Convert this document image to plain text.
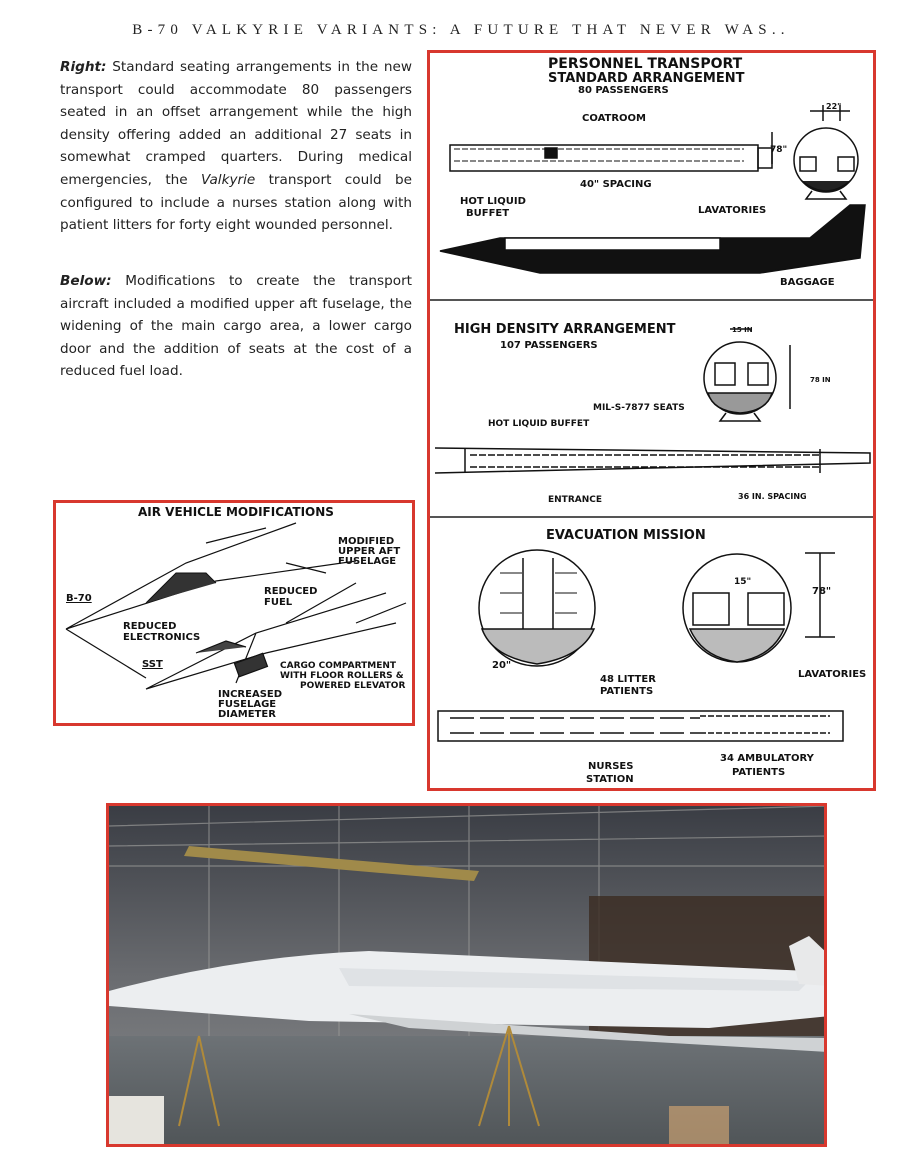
B-70 VALKYRIE VARIANTS: A FUTURE THAT NEVER WAS..

Right: Standard seating arrangements in the new transport could accommodate 80 passengers seated in an offset arrangement while the high density offering added an additional 27 seats in somewhat cramped quarters. During medical emergencies, the Valkyrie transport could be configured to include a nurses station along with patient litters for forty eight wounded personnel.

Below: Modifications to create the transport aircraft included a modified upper aft fuselage, the widening of the main cargo area, a lower cargo door and the addition of seats at the cost of a reduced fuel load.

PERSONNEL TRANSPORT
STANDARD ARRANGEMENT
80 PASSENGERS
COATROOM
40" SPACING
HOT LIQUID
BUFFET	LAVATORIES
BAGGAGE
22"
78"
HIGH DENSITY ARRANGEMENT
107 PASSENGERS
15 IN
78 IN
MIL-S-7877 SEATS
HOT LIQUID BUFFET
ENTRANCE	36 IN. SPACING
EVACUATION MISSION
20"
15"
78"
48 LITTER
PATIENTS
LAVATORIES
NURSES
STATION
34 AMBULATORY
PATIENTS
AIR VEHICLE MODIFICATIONS
B-70
SST
MODIFIED
UPPER AFT
FUSELAGE
REDUCED
FUEL
REDUCED
ELECTRONICS
CARGO COMPARTMENT
WITH FLOOR ROLLERS &
POWERED ELEVATOR
INCREASED
FUSELAGE
DIAMETER
